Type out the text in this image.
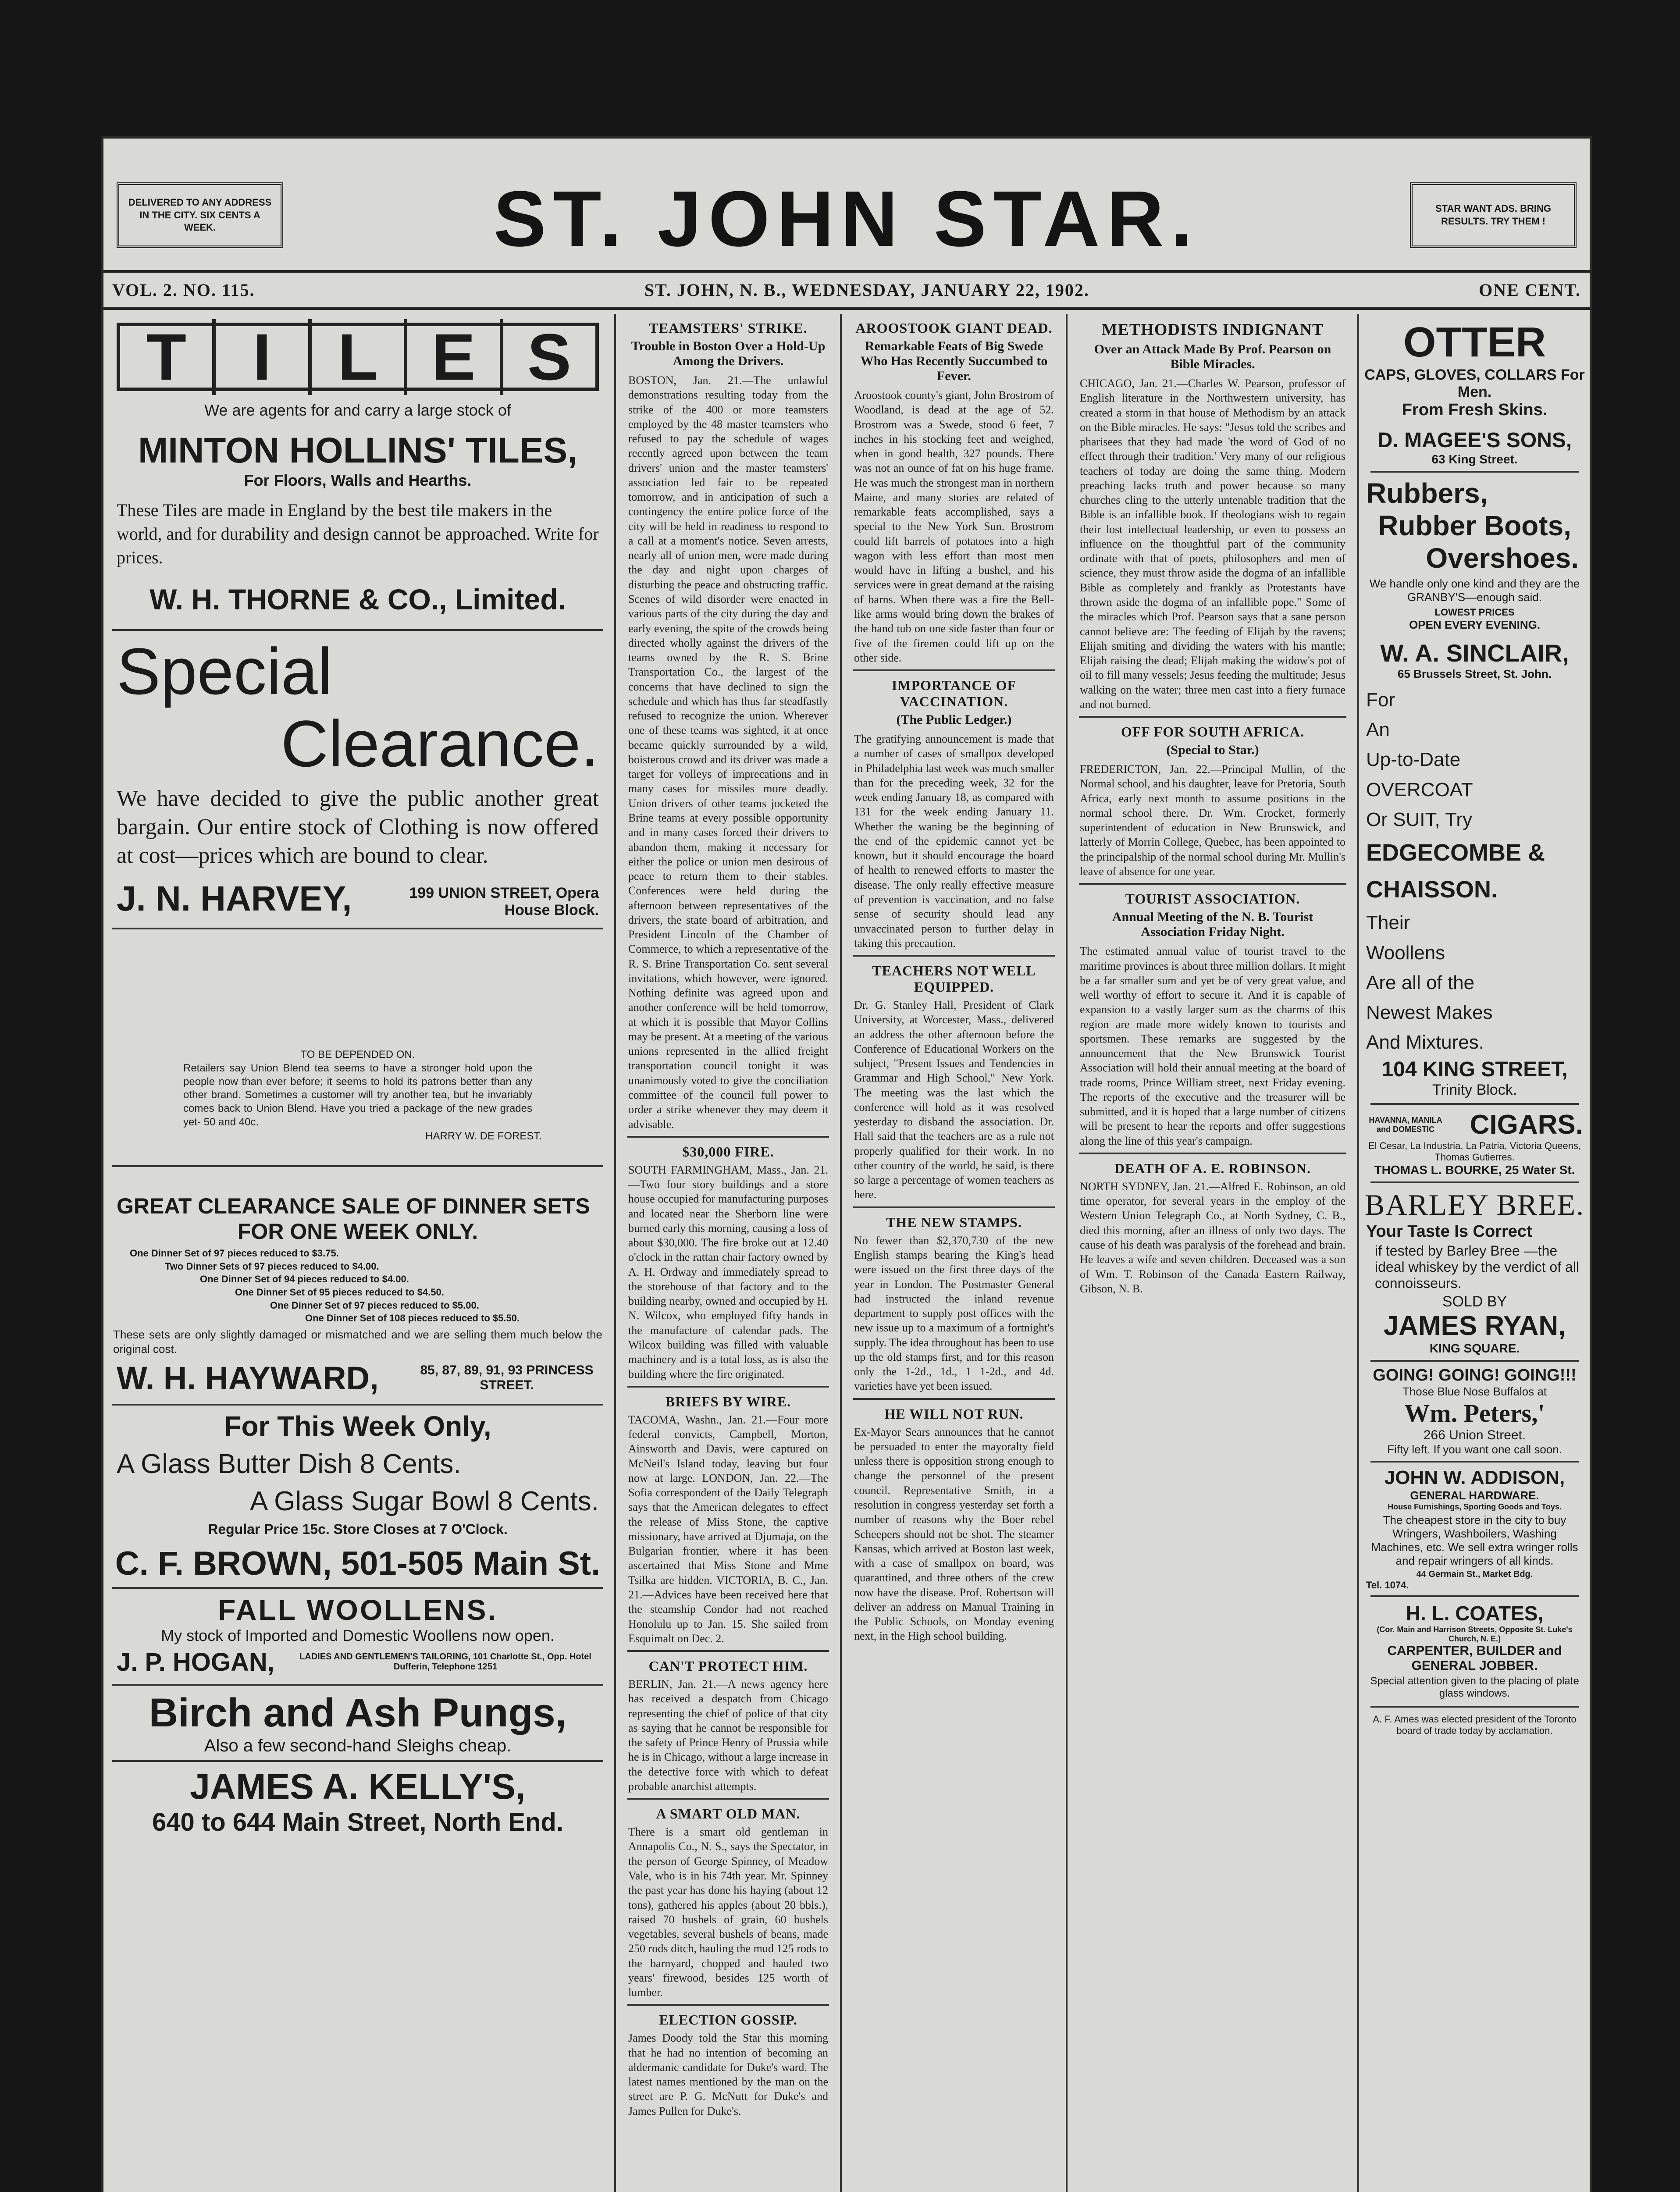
DELIVERED TO ANY ADDRESS IN THE CITY. SIX CENTS A WEEK.	ST. JOHN STAR.	STAR WANT ADS. BRING RESULTS. TRY THEM !
VOL. 2. NO. 115.	ST. JOHN, N. B., WEDNESDAY, JANUARY 22, 1902.	ONE CENT.
T	I	L E S
We are agents for and carry a large stock of
MINTON HOLLINS' TILES,
For Floors, Walls and Hearths.
These Tiles are made in England by the best tile makers in the world, and for durability and design cannot be approached. Write for prices.
W. H. THORNE & CO., Limited.
Special
Clearance.
We have decided to give the public another great bargain. Our entire stock of Clothing is now offered at cost—prices which are bound to clear.
J. N. HARVEY,	199 UNION STREET, Opera House Block.
TO BE DEPENDED ON.
Retailers say Union Blend tea seems to have a stronger hold upon the people now than ever before; it seems to hold its patrons better than any other brand. Sometimes a customer will try another tea, but he invariably comes back to Union Blend. Have you tried a package of the new grades yet- 50 and 40c.
HARRY W. DE FOREST.
GREAT CLEARANCE SALE OF DINNER SETS
FOR ONE WEEK ONLY.
One Dinner Set of 97 pieces reduced to $3.75.
Two Dinner Sets of 97 pieces reduced to $4.00.
One Dinner Set of 94 pieces reduced to $4.00.
One Dinner Set of 95 pieces reduced to $4.50.
One Dinner Set of 97 pieces reduced to $5.00.
One Dinner Set of 108 pieces reduced to $5.50.
These sets are only slightly damaged or mismatched and we are selling them much below the original cost.
W. H. HAYWARD,	85, 87, 89, 91, 93 PRINCESS STREET.
For This Week Only,
A Glass Butter Dish 8 Cents.
A Glass Sugar Bowl 8 Cents.
Regular Price 15c. Store Closes at 7 O'Clock.
C. F. BROWN, 501-505 Main St.
FALL WOOLLENS.
My stock of Imported and Domestic Woollens now open.
J. P. HOGAN,	LADIES AND GENTLEMEN'S TAILORING, 101 Charlotte St., Opp. Hotel Dufferin, Telephone 1251
Birch and Ash Pungs,
Also a few second-hand Sleighs cheap.
JAMES A. KELLY'S,
640 to 644 Main Street, North End.
TEAMSTERS' STRIKE.
Trouble in Boston Over a Hold-Up Among the Drivers.
BOSTON, Jan. 21.—The unlawful demonstrations resulting today from the strike of the 400 or more teamsters employed by the 48 master teamsters who refused to pay the schedule of wages recently agreed upon between the team drivers' union and the master teamsters' association led fair to be repeated tomorrow, and in anticipation of such a contingency the entire police force of the city will be held in readiness to respond to a call at a moment's notice. Seven arrests, nearly all of union men, were made during the day and night upon charges of disturbing the peace and obstructing traffic. Scenes of wild disorder were enacted in various parts of the city during the day and early evening, the spite of the crowds being directed wholly against the drivers of the teams owned by the R. S. Brine Transportation Co., the largest of the concerns that have declined to sign the schedule and which has thus far steadfastly refused to recognize the union. Wherever one of these teams was sighted, it at once became quickly surrounded by a wild, boisterous crowd and its driver was made a target for volleys of imprecations and in many cases for missiles more deadly. Union drivers of other teams jocketed the Brine teams at every possible opportunity and in many cases forced their drivers to abandon them, making it necessary for either the police or union men desirous of peace to return them to their stables. Conferences were held during the afternoon between representatives of the drivers, the state board of arbitration, and President Lincoln of the Chamber of Commerce, to which a representative of the R. S. Brine Transportation Co. sent several invitations, which however, were ignored. Nothing definite was agreed upon and another conference will be held tomorrow, at which it is possible that Mayor Collins may be present. At a meeting of the various unions represented in the allied freight transportation council tonight it was unanimously voted to give the conciliation committee of the council full power to order a strike whenever they may deem it advisable.
$30,000 FIRE.
SOUTH FARMINGHAM, Mass., Jan. 21.—Two four story buildings and a store house occupied for manufacturing purposes and located near the Sherborn line were burned early this morning, causing a loss of about $30,000. The fire broke out at 12.40 o'clock in the rattan chair factory owned by A. H. Ordway and immediately spread to the storehouse of that factory and to the building nearby, owned and occupied by H. N. Wilcox, who employed fifty hands in the manufacture of calendar pads. The Wilcox building was filled with valuable machinery and is a total loss, as is also the building where the fire originated.
BRIEFS BY WIRE.
TACOMA, Washn., Jan. 21.—Four more federal convicts, Campbell, Morton, Ainsworth and Davis, were captured on McNeil's Island today, leaving but four now at large. LONDON, Jan. 22.—The Sofia correspondent of the Daily Telegraph says that the American delegates to effect the release of Miss Stone, the captive missionary, have arrived at Djumaja, on the Bulgarian frontier, where it has been ascertained that Miss Stone and Mme Tsilka are hidden. VICTORIA, B. C., Jan. 21.—Advices have been received here that the steamship Condor had not reached Honolulu up to Jan. 15. She sailed from Esquimalt on Dec. 2.
CAN'T PROTECT HIM.
BERLIN, Jan. 21.—A news agency here has received a despatch from Chicago representing the chief of police of that city as saying that he cannot be responsible for the safety of Prince Henry of Prussia while he is in Chicago, without a large increase in the detective force with which to defeat probable anarchist attempts.
A SMART OLD MAN.
There is a smart old gentleman in Annapolis Co., N. S., says the Spectator, in the person of George Spinney, of Meadow Vale, who is in his 74th year. Mr. Spinney the past year has done his haying (about 12 tons), gathered his apples (about 20 bbls.), raised 70 bushels of grain, 60 bushels vegetables, several bushels of beans, made 250 rods ditch, hauling the mud 125 rods to the barnyard, chopped and hauled two years' firewood, besides 125 worth of lumber.
ELECTION GOSSIP.
James Doody told the Star this morning that he had no intention of becoming an aldermanic candidate for Duke's ward. The latest names mentioned by the man on the street are P. G. McNutt for Duke's and James Pullen for Duke's.
AROOSTOOK GIANT DEAD.
Remarkable Feats of Big Swede Who Has Recently Succumbed to Fever.
Aroostook county's giant, John Brostrom of Woodland, is dead at the age of 52. Brostrom was a Swede, stood 6 feet, 7 inches in his stocking feet and weighed, when in good health, 327 pounds. There was not an ounce of fat on his huge frame. He was much the strongest man in northern Maine, and many stories are related of remarkable feats accomplished, says a special to the New York Sun. Brostrom could lift barrels of potatoes into a high wagon with less effort than most men would have in lifting a bushel, and his services were in great demand at the raising of barns. When there was a fire the Bell-like arms would bring down the brakes of the hand tub on one side faster than four or five of the firemen could lift up on the other side.
IMPORTANCE OF VACCINATION.
(The Public Ledger.)
The gratifying announcement is made that a number of cases of smallpox developed in Philadelphia last week was much smaller than for the preceding week, 32 for the week ending January 18, as compared with 131 for the week ending January 11. Whether the waning be the beginning of the end of the epidemic cannot yet be known, but it should encourage the board of health to renewed efforts to master the disease. The only really effective measure of prevention is vaccination, and no false sense of security should lead any unvaccinated person to further delay in taking this precaution.
TEACHERS NOT WELL EQUIPPED.
Dr. G. Stanley Hall, President of Clark University, at Worcester, Mass., delivered an address the other afternoon before the Conference of Educational Workers on the subject, "Present Issues and Tendencies in Grammar and High School," New York. The meeting was the last which the conference will hold as it was resolved yesterday to disband the association. Dr. Hall said that the teachers are as a rule not properly qualified for their work. In no other country of the world, he said, is there so large a percentage of women teachers as here.
THE NEW STAMPS.
No fewer than $2,370,730 of the new English stamps bearing the King's head were issued on the first three days of the year in London. The Postmaster General had instructed the inland revenue department to supply post offices with the new issue up to a maximum of a fortnight's supply. The idea throughout has been to use up the old stamps first, and for this reason only the 1-2d., 1d., 1 1-2d., and 4d. varieties have yet been issued.
HE WILL NOT RUN.
Ex-Mayor Sears announces that he cannot be persuaded to enter the mayoralty field unless there is opposition strong enough to change the personnel of the present council. Representative Smith, in a resolution in congress yesterday set forth a number of reasons why the Boer rebel Scheepers should not be shot. The steamer Kansas, which arrived at Boston last week, with a case of smallpox on board, was quarantined, and three others of the crew now have the disease. Prof. Robertson will deliver an address on Manual Training in the Public Schools, on Monday evening next, in the High school building.
METHODISTS INDIGNANT
Over an Attack Made By Prof. Pearson on Bible Miracles.
CHICAGO, Jan. 21.—Charles W. Pearson, professor of English literature in the Northwestern university, has created a storm in that house of Methodism by an attack on the Bible miracles. He says: "Jesus told the scribes and pharisees that they had made 'the word of God of no effect through their tradition.' Very many of our religious teachers of today are doing the same thing. Modern preaching lacks truth and power because so many churches cling to the utterly untenable tradition that the Bible is an infallible book. If theologians wish to regain their lost intellectual leadership, or even to possess an influence on the thoughtful part of the community ordinate with that of poets, philosophers and men of science, they must throw aside the dogma of an infallible Bible as completely and frankly as Protestants have thrown aside the dogma of an infallible pope." Some of the miracles which Prof. Pearson says that a sane person cannot believe are: The feeding of Elijah by the ravens; Elijah smiting and dividing the waters with his mantle; Elijah raising the dead; Elijah making the widow's pot of oil to fill many vessels; Jesus feeding the multitude; Jesus walking on the water; three men cast into a fiery furnace and not burned.
OFF FOR SOUTH AFRICA.
(Special to Star.)
FREDERICTON, Jan. 22.—Principal Mullin, of the Normal school, and his daughter, leave for Pretoria, South Africa, early next month to assume positions in the normal school there. Dr. Wm. Crocket, formerly superintendent of education in New Brunswick, and latterly of Morrin College, Quebec, has been appointed to the principalship of the normal school during Mr. Mullin's leave of absence for one year.
TOURIST ASSOCIATION.
Annual Meeting of the N. B. Tourist Association Friday Night.
The estimated annual value of tourist travel to the maritime provinces is about three million dollars. It might be a far smaller sum and yet be of very great value, and well worthy of effort to secure it. And it is capable of expansion to a vastly larger sum as the charms of this region are made more widely known to tourists and sportsmen. These remarks are suggested by the announcement that the New Brunswick Tourist Association will hold their annual meeting at the board of trade rooms, Prince William street, next Friday evening. The reports of the executive and the treasurer will be submitted, and it is hoped that a large number of citizens will be present to hear the reports and offer suggestions along the line of this year's campaign.
DEATH OF A. E. ROBINSON.
NORTH SYDNEY, Jan. 21.—Alfred E. Robinson, an old time operator, for several years in the employ of the Western Union Telegraph Co., at North Sydney, C. B., died this morning, after an illness of only two days. The cause of his death was paralysis of the forehead and brain. He leaves a wife and seven children. Deceased was a son of Wm. T. Robinson of the Canada Eastern Railway, Gibson, N. B.
OTTER
CAPS, GLOVES, COLLARS For Men.
From Fresh Skins.
D. MAGEE'S SONS,
63 King Street.
Rubbers,
Rubber Boots,
Overshoes.
We handle only one kind and they are the GRANBY'S—enough said.
LOWEST PRICES
OPEN EVERY EVENING.
W. A. SINCLAIR,
65 Brussels Street, St. John.
For
An
Up-to-Date
OVERCOAT
Or SUIT, Try
EDGECOMBE &
CHAISSON.
Their
Woollens
Are all of the
Newest Makes
And Mixtures.
104 KING STREET,
Trinity Block.
HAVANNA, MANILA and DOMESTIC	CIGARS.
El Cesar, La Industria, La Patria, Victoria Queens, Thomas Gutierres.
THOMAS L. BOURKE, 25 Water St.
BARLEY BREE.
Your Taste Is Correct
if tested by Barley Bree —the ideal whiskey by the verdict of all connoisseurs.
SOLD BY
JAMES RYAN,
KING SQUARE.
GOING! GOING! GOING!!!
Those Blue Nose Buffalos at
Wm. Peters,'
266 Union Street.
Fifty left. If you want one call soon.
JOHN W. ADDISON,
GENERAL HARDWARE.
House Furnishings, Sporting Goods and Toys.
The cheapest store in the city to buy Wringers, Washboilers, Washing Machines, etc. We sell extra wringer rolls and repair wringers of all kinds.
44 Germain St., Market Bdg.
Tel. 1074.
H. L. COATES,
(Cor. Main and Harrison Streets, Opposite St. Luke's Church, N. E.)
CARPENTER, BUILDER and GENERAL JOBBER.
Special attention given to the placing of plate glass windows.
A. F. Ames was elected president of the Toronto board of trade today by acclamation.
